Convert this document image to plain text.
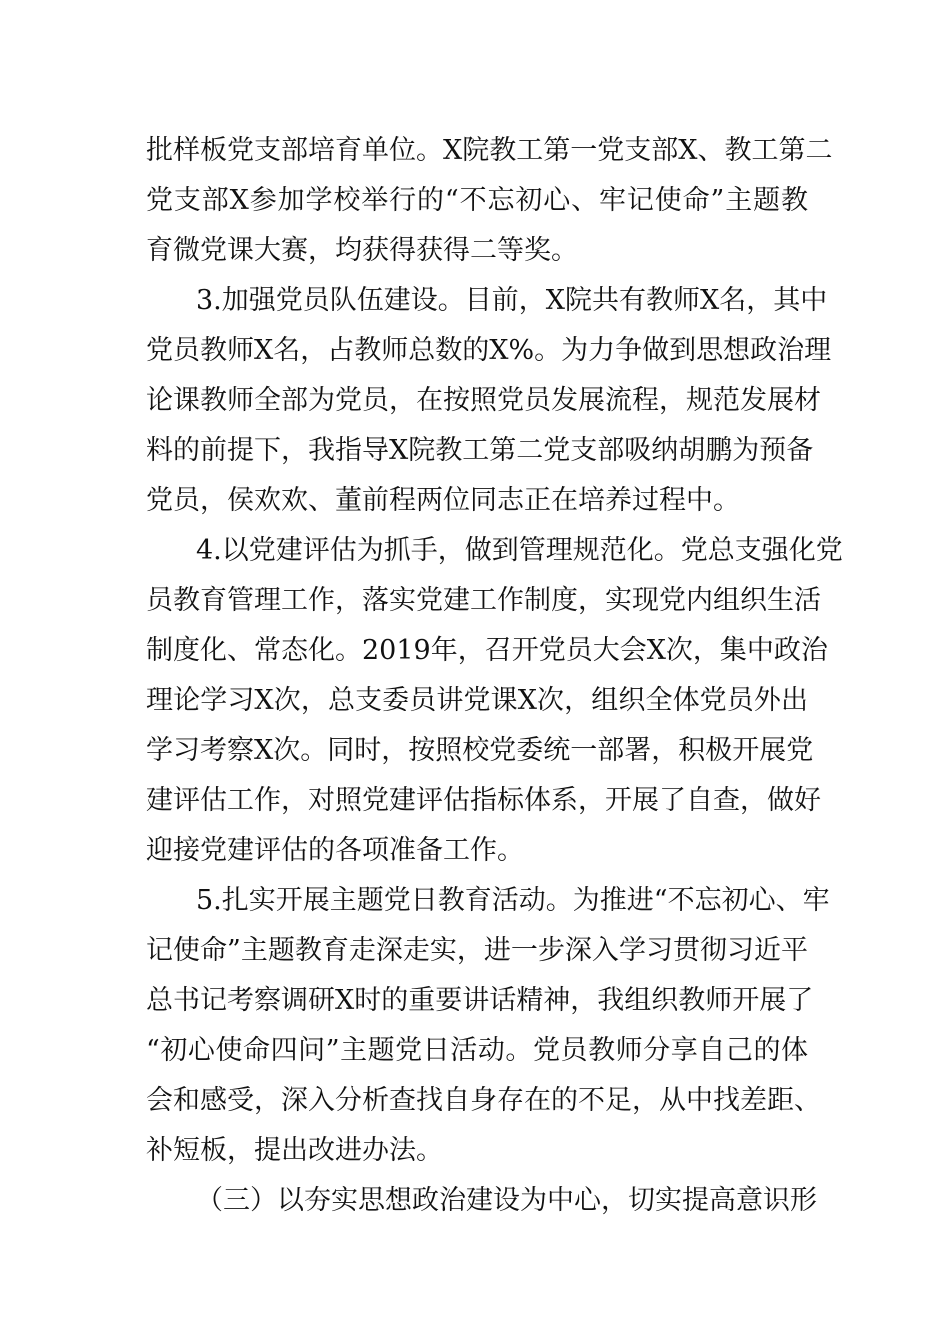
批样板党支部培育单位。X院教工第一党支部X、教工第二
党支部X参加学校举行的“不忘初心、牢记使命”主题教
育微党课大赛，均获得获得二等奖。
3.加强党员队伍建设。目前，X院共有教师X名，其中
党员教师X名，占教师总数的X%。为力争做到思想政治理
论课教师全部为党员，在按照党员发展流程，规范发展材
料的前提下，我指导X院教工第二党支部吸纳胡鹏为预备
党员，侯欢欢、董前程两位同志正在培养过程中。
4.以党建评估为抓手，做到管理规范化。党总支强化党
员教育管理工作，落实党建工作制度，实现党内组织生活
制度化、常态化。2019年，召开党员大会X次，集中政治
理论学习X次，总支委员讲党课X次，组织全体党员外出
学习考察X次。同时，按照校党委统一部署，积极开展党
建评估工作，对照党建评估指标体系，开展了自查，做好
迎接党建评估的各项准备工作。
5.扎实开展主题党日教育活动。为推进“不忘初心、牢
记使命”主题教育走深走实，进一步深入学习贯彻习近平
总书记考察调研X时的重要讲话精神，我组织教师开展了
“初心使命四问”主题党日活动。党员教师分享自己的体
会和感受，深入分析查找自身存在的不足，从中找差距、
补短板，提出改进办法。
（三）以夯实思想政治建设为中心，切实提高意识形
